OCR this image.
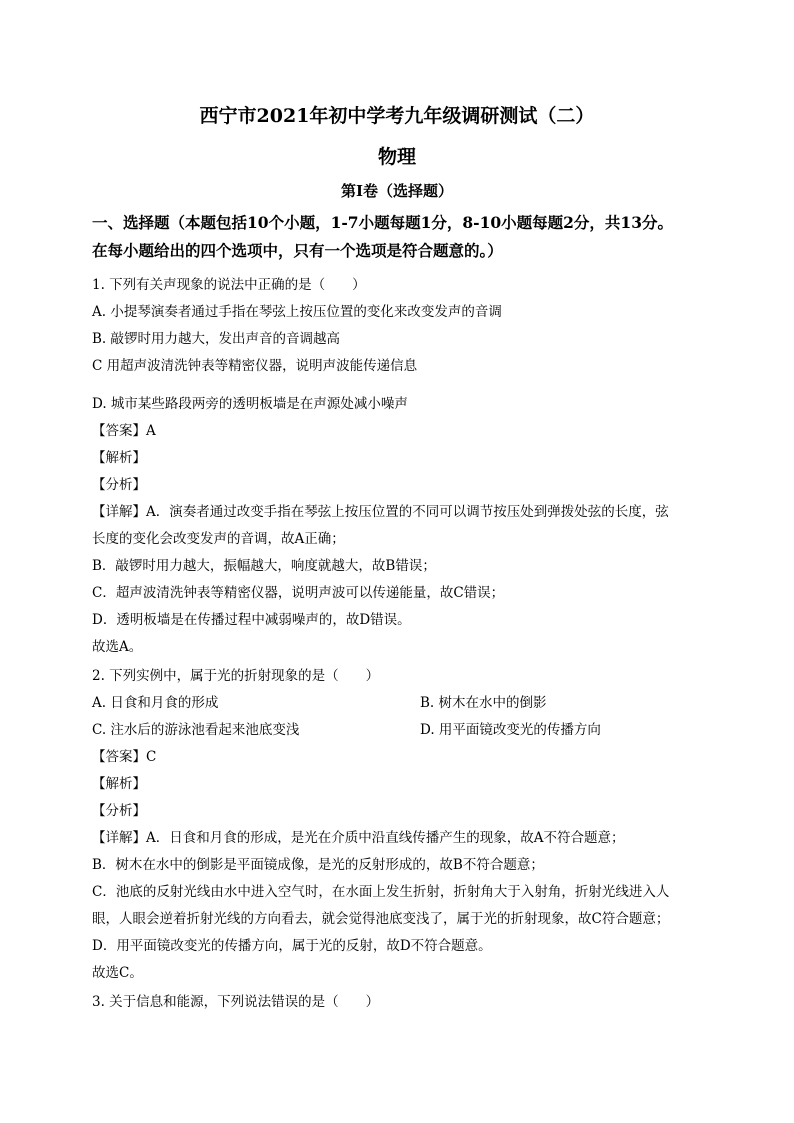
西宁市2021年初中学考九年级调研测试（二）
物理
第I卷（选择题）
一、选择题（本题包括10个小题，1-7小题每题1分，8-10小题每题2分，共13分。
在每小题给出的四个选项中，只有一个选项是符合题意的。）
1. 下列有关声现象的说法中正确的是（　　）
A. 小提琴演奏者通过手指在琴弦上按压位置的变化来改变发声的音调
B. 敲锣时用力越大，发出声音的音调越高
C 用超声波清洗钟表等精密仪器，说明声波能传递信息
D. 城市某些路段两旁的透明板墙是在声源处减小噪声
【答案】A
【解析】
【分析】
【详解】A．演奏者通过改变手指在琴弦上按压位置的不同可以调节按压处到弹拨处弦的长度，弦
长度的变化会改变发声的音调，故A正确；
B．敲锣时用力越大，振幅越大，响度就越大，故B错误；
C．超声波清洗钟表等精密仪器，说明声波可以传递能量，故C错误；
D．透明板墙是在传播过程中减弱噪声的，故D错误。
故选A。
2. 下列实例中，属于光的折射现象的是（　　）
A. 日食和月食的形成	B. 树木在水中的倒影
C. 注水后的游泳池看起来池底变浅	D. 用平面镜改变光的传播方向
【答案】C
【解析】
【分析】
【详解】A．日食和月食的形成，是光在介质中沿直线传播产生的现象，故A不符合题意；
B．树木在水中的倒影是平面镜成像，是光的反射形成的，故B不符合题意；
C．池底的反射光线由水中进入空气时，在水面上发生折射，折射角大于入射角，折射光线进入人
眼，人眼会逆着折射光线的方向看去，就会觉得池底变浅了，属于光的折射现象，故C符合题意；
D．用平面镜改变光的传播方向，属于光的反射，故D不符合题意。
故选C。
3. 关于信息和能源，下列说法错误的是（　　）
